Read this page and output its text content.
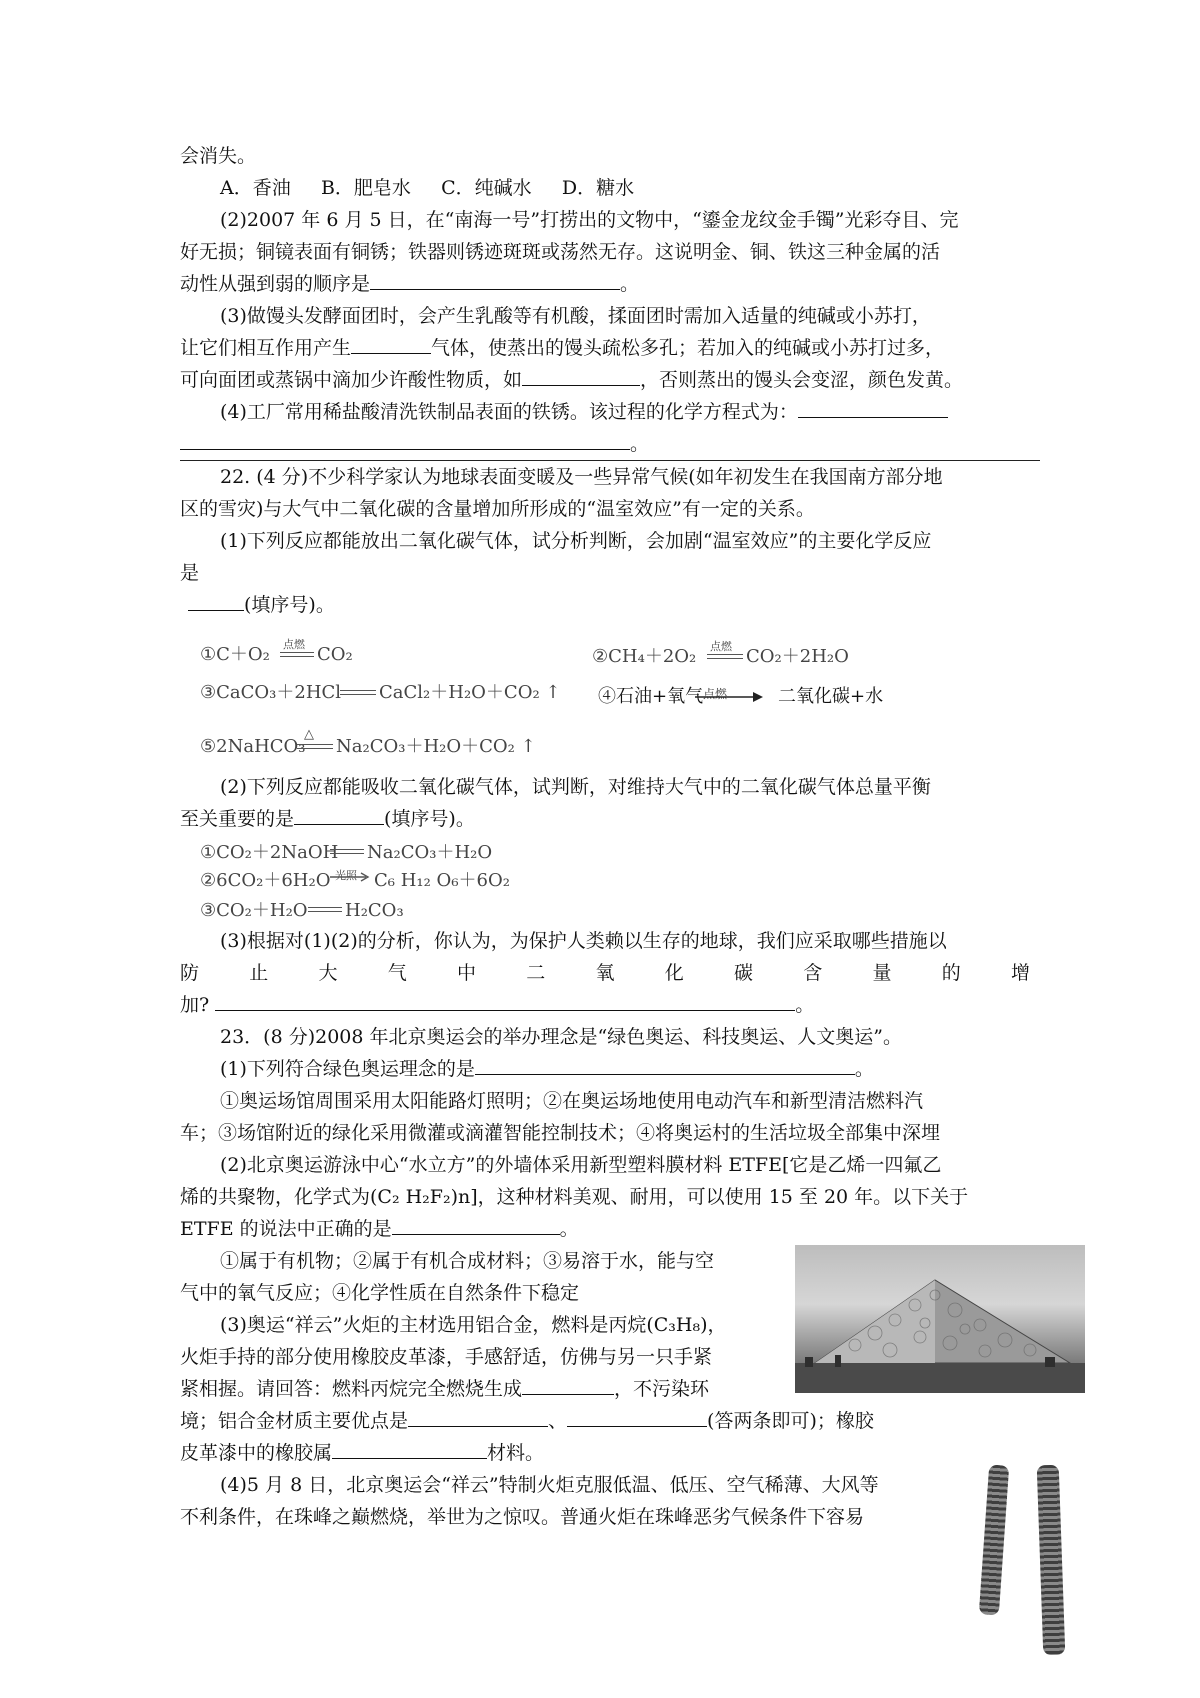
会消失。

A．香油 B．肥皂水 C．纯碱水 D．糖水

(2)2007 年 6 月 5 日，在“南海一号”打捞出的文物中，“鎏金龙纹金手镯”光彩夺目、完

好无损；铜镜表面有铜锈；铁器则锈迹斑斑或荡然无存。这说明金、铜、铁这三种金属的活

动性从强到弱的顺序是	。

(3)做馒头发酵面团时，会产生乳酸等有机酸，揉面团时需加入适量的纯碱或小苏打，

让它们相互作用产生	气体，使蒸出的馒头疏松多孔；若加入的纯碱或小苏打过多，

可向面团或蒸锅中滴加少许酸性物质，如	，否则蒸出的馒头会变涩，颜色发黄。

(4)工厂常用稀盐酸清洗铁制品表面的铁锈。该过程的化学方程式为：

。

22. (4 分)不少科学家认为地球表面变暖及一些异常气候(如年初发生在我国南方部分地

区的雪灾)与大气中二氧化碳的含量增加所形成的“温室效应”有一定的关系。

(1)下列反应都能放出二氧化碳气体，试分析判断，会加剧“温室效应”的主要化学反应

是

(填序号)。

①C＋O₂ 点燃 CO₂	②CH₄＋2O₂ 点燃 CO₂＋2H₂O
③CaCO₃＋2HCl CaCl₂＋H₂O＋CO₂ ↑ ④石油+氧气 点燃	二氧化碳+水
⑤2NaHCO₃
△
Na₂CO₃＋H₂O＋CO₂ ↑

(2)下列反应都能吸收二氧化碳气体，试判断，对维持大气中的二氧化碳气体总量平衡

至关重要的是	(填序号)。

①CO₂＋2NaOH Na₂CO₃＋H₂O
②6CO₂＋6H₂O 光照 C₆ H₁₂ O₆＋6O₂
③CO₂＋H₂O H₂CO₃

(3)根据对(1)(2)的分析，你认为，为保护人类赖以生存的地球，我们应采取哪些措施以

防　止　大　气　中　二　氧　化　碳　含　量　的　增

加?	。

23．(8 分)2008 年北京奥运会的举办理念是“绿色奥运、科技奥运、人文奥运”。

(1)下列符合绿色奥运理念的是	。

①奥运场馆周围采用太阳能路灯照明；②在奥运场地使用电动汽车和新型清洁燃料汽

车；③场馆附近的绿化采用微灌或滴灌智能控制技术；④将奥运村的生活垃圾全部集中深埋

(2)北京奥运游泳中心“水立方”的外墙体采用新型塑料膜材料 ETFE[它是乙烯一四氟乙

烯的共聚物，化学式为(C₂ H₂F₂)n]，这种材料美观、耐用，可以使用 15 至 20 年。以下关于

ETFE 的说法中正确的是	。

①属于有机物；②属于有机合成材料；③易溶于水，能与空

气中的氧气反应；④化学性质在自然条件下稳定

(3)奥运“祥云”火炬的主材选用铝合金，燃料是丙烷(C₃H₈)，

火炬手持的部分使用橡胶皮革漆，手感舒适，仿佛与另一只手紧

紧相握。请回答：燃料丙烷完全燃烧生成	，不污染环

境；铝合金材质主要优点是	、	(答两条即可)；橡胶

皮革漆中的橡胶属	材料。

(4)5 月 8 日，北京奥运会“祥云”特制火炬克服低温、低压、空气稀薄、大风等

不利条件，在珠峰之巅燃烧，举世为之惊叹。普通火炬在珠峰恶劣气候条件下容易
